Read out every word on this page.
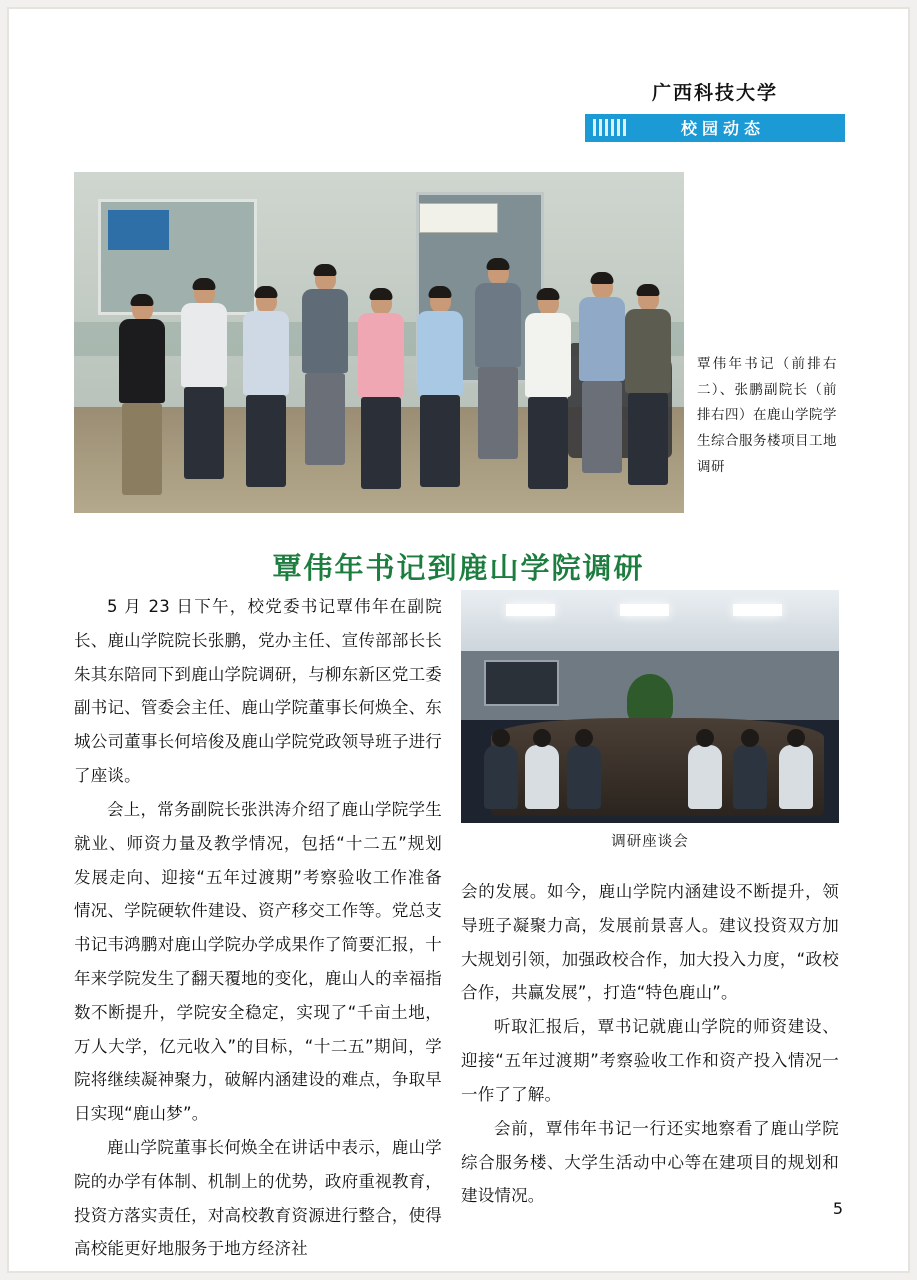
广西科技大学
校园动态
覃伟年书记（前排右二）、张鹏副院长（前排右四）在鹿山学院学生综合服务楼项目工地调研
覃伟年书记到鹿山学院调研

5 月 23 日下午，校党委书记覃伟年在副院长、鹿山学院院长张鹏，党办主任、宣传部部长长朱其东陪同下到鹿山学院调研，与柳东新区党工委副书记、管委会主任、鹿山学院董事长何焕全、东城公司董事长何培俊及鹿山学院党政领导班子进行了座谈。

会上，常务副院长张洪涛介绍了鹿山学院学生就业、师资力量及教学情况，包括“十二五”规划发展走向、迎接“五年过渡期”考察验收工作准备情况、学院硬软件建设、资产移交工作等。党总支书记韦鸿鹏对鹿山学院办学成果作了简要汇报，十年来学院发生了翻天覆地的变化，鹿山人的幸福指数不断提升，学院安全稳定，实现了“千亩土地，万人大学，亿元收入”的目标，“十二五”期间，学院将继续凝神聚力，破解内涵建设的难点，争取早日实现“鹿山梦”。

鹿山学院董事长何焕全在讲话中表示，鹿山学院的办学有体制、机制上的优势，政府重视教育，投资方落实责任，对高校教育资源进行整合，使得高校能更好地服务于地方经济社

调研座谈会

会的发展。如今，鹿山学院内涵建设不断提升，领导班子凝聚力高，发展前景喜人。建议投资双方加大规划引领，加强政校合作，加大投入力度，“政校合作，共赢发展”，打造“特色鹿山”。

听取汇报后，覃书记就鹿山学院的师资建设、迎接“五年过渡期”考察验收工作和资产投入情况一一作了了解。

会前，覃伟年书记一行还实地察看了鹿山学院综合服务楼、大学生活动中心等在建项目的规划和建设情况。

5
